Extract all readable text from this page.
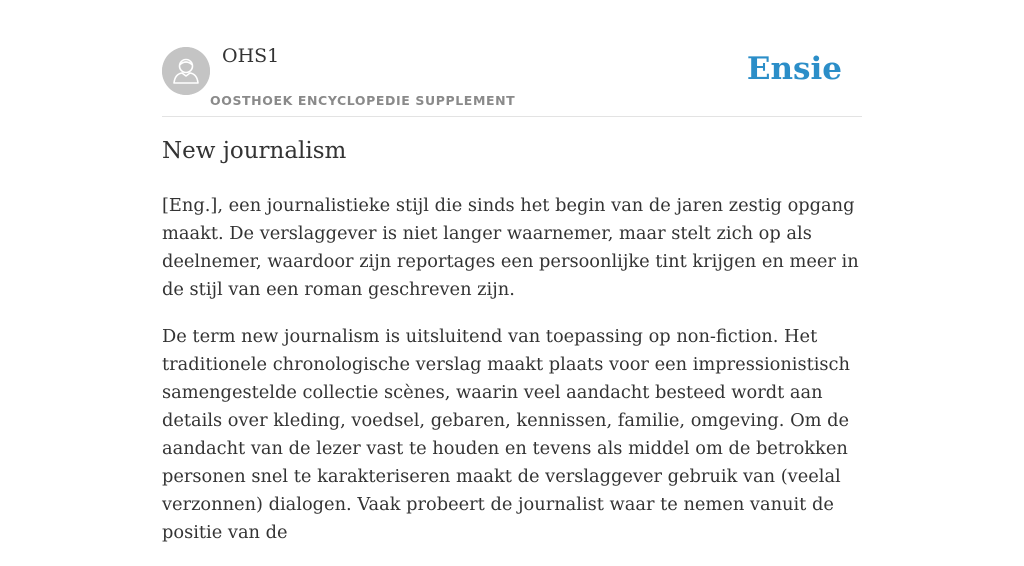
OHS1
OOSTHOEK ENCYCLOPEDIE SUPPLEMENT
Ensie
New journalism

[Eng.], een journalistieke stijl die sinds het begin van de jaren zestig opgang maakt. De verslaggever is niet langer waarnemer, maar stelt zich op als deelnemer, waardoor zijn reportages een persoonlijke tint krijgen en meer in de stijl van een roman geschreven zijn.

De term new journalism is uitsluitend van toepassing op non-fiction. Het traditionele chronologische verslag maakt plaats voor een impressionistisch samengestelde collectie scènes, waarin veel aandacht besteed wordt aan details over kleding, voedsel, gebaren, kennissen, familie, omgeving. Om de aandacht van de lezer vast te houden en tevens als middel om de betrokken personen snel te karakteriseren maakt de verslaggever gebruik van (veelal verzonnen) dialogen. Vaak probeert de journalist waar te nemen vanuit de positie van de
